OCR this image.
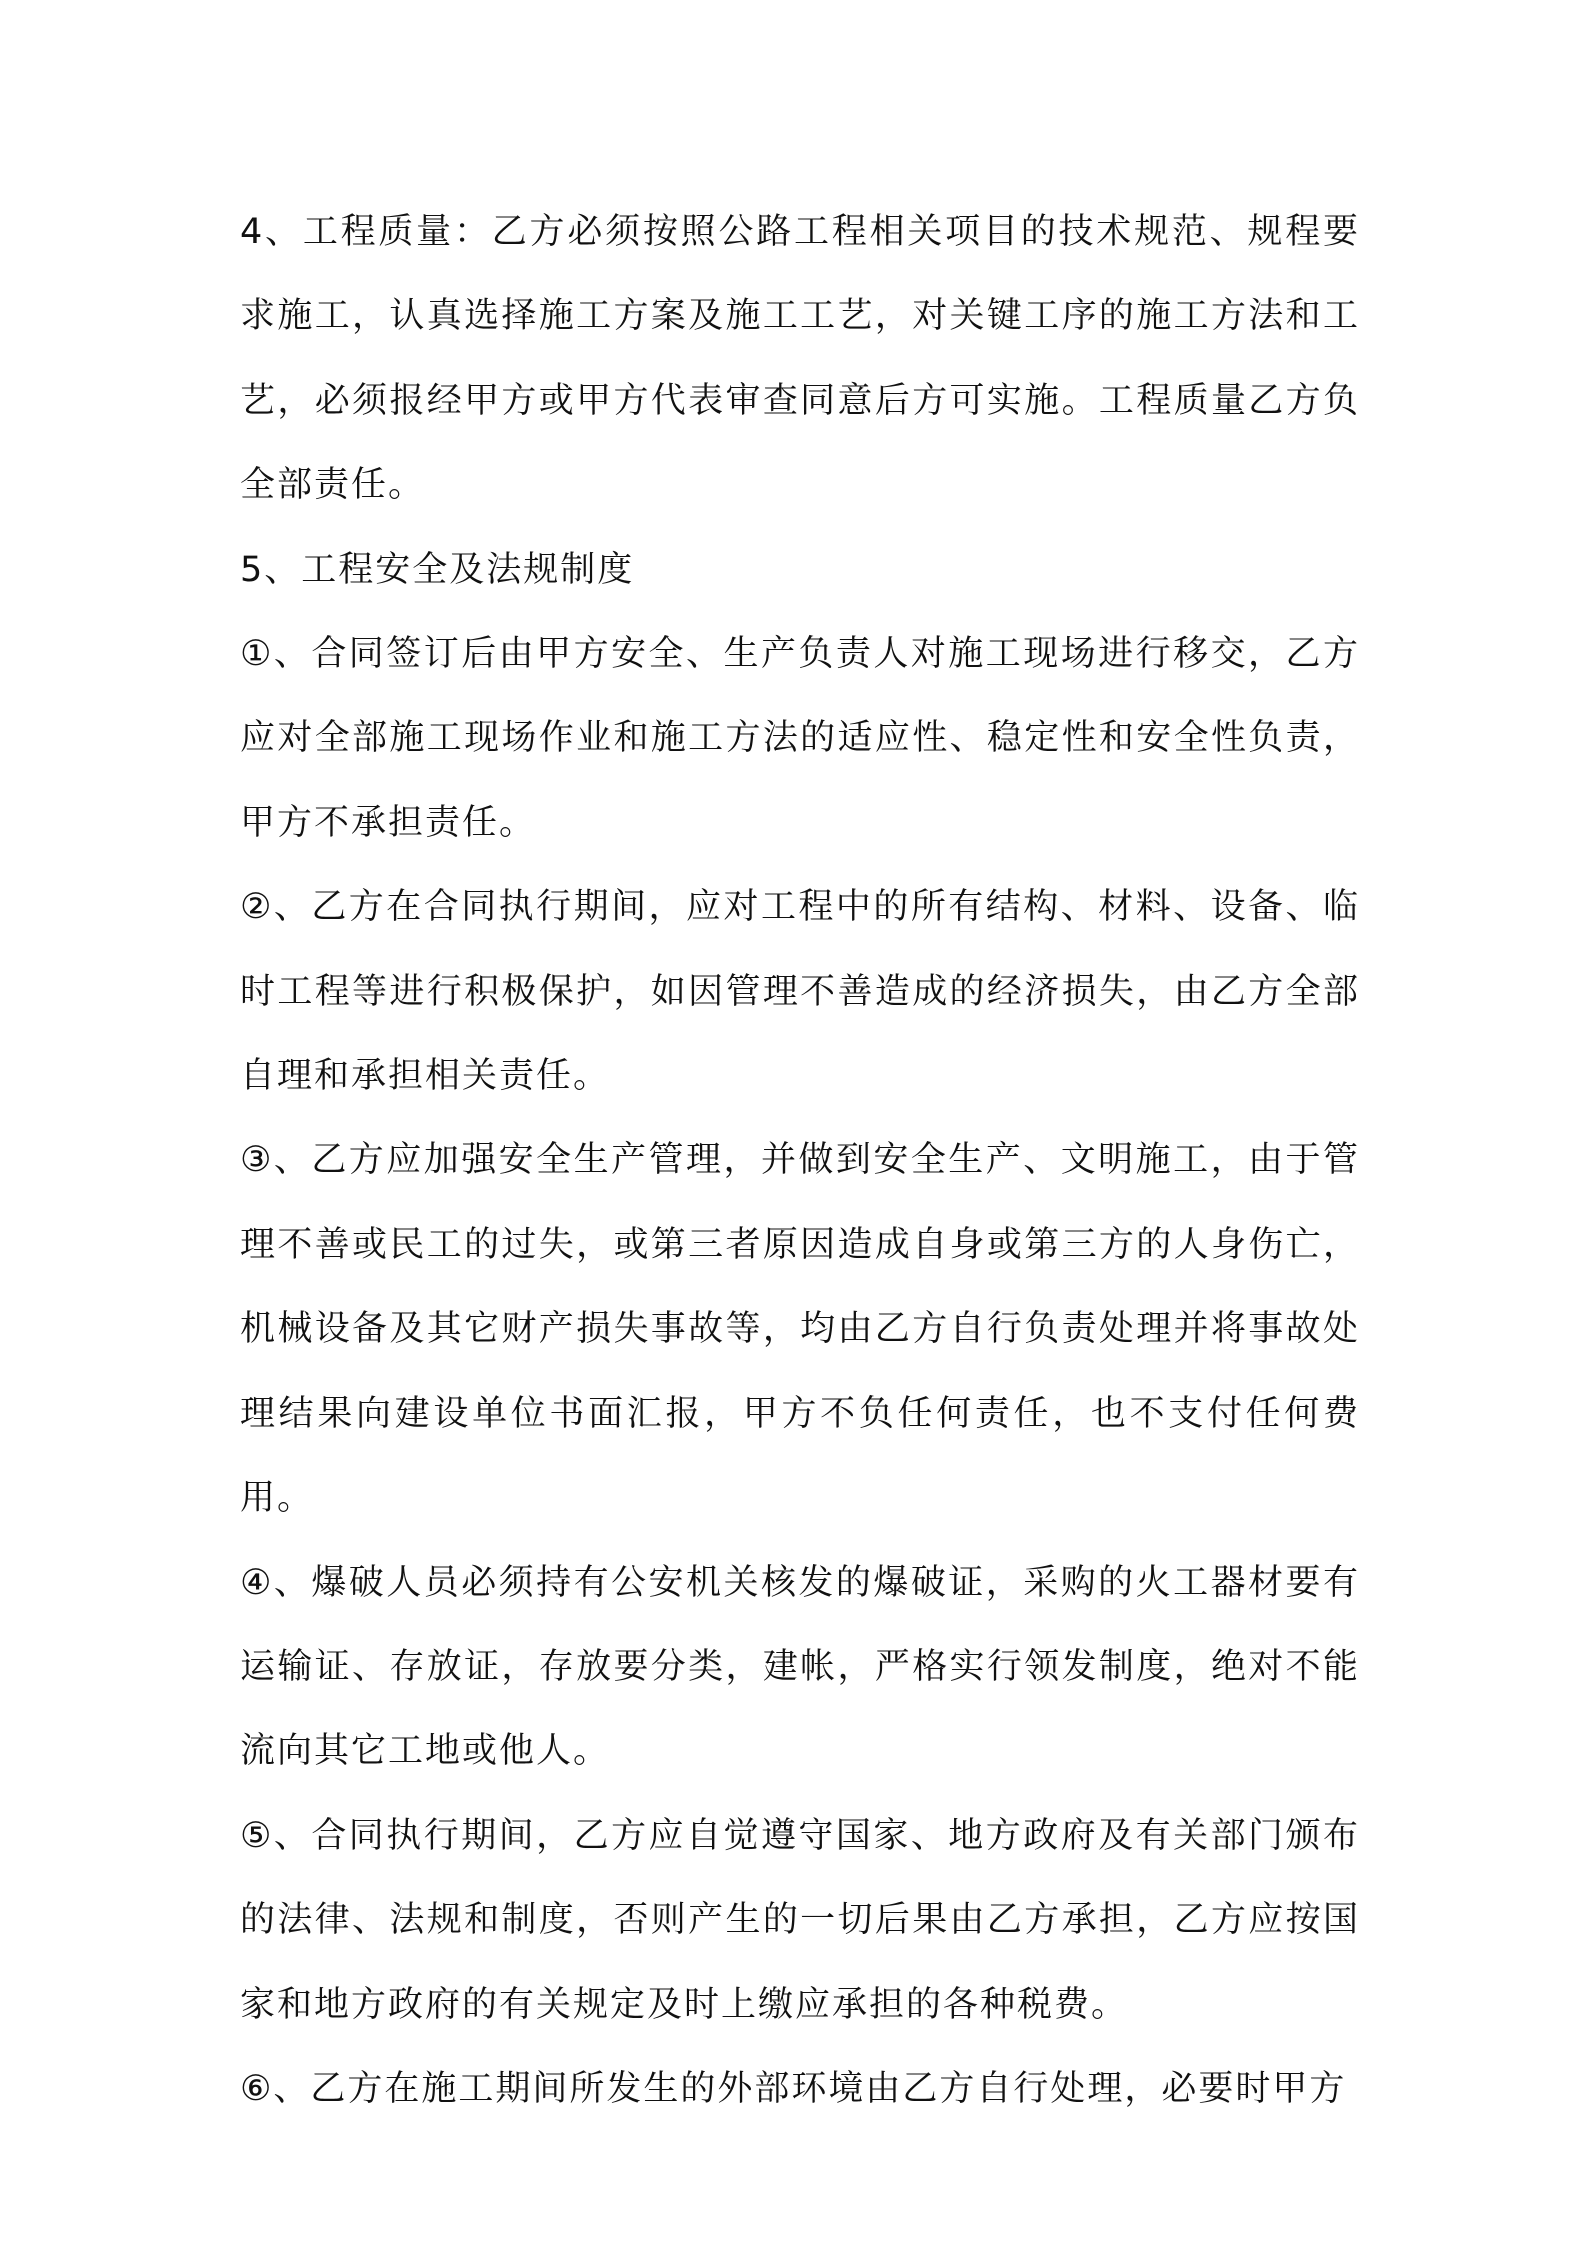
4、工程质量：乙方必须按照公路工程相关项目的技术规范、规程要求施工，认真选择施工方案及施工工艺，对关键工序的施工方法和工艺，必须报经甲方或甲方代表审查同意后方可实施。工程质量乙方负全部责任。

5、工程安全及法规制度

①、合同签订后由甲方安全、生产负责人对施工现场进行移交，乙方应对全部施工现场作业和施工方法的适应性、稳定性和安全性负责，甲方不承担责任。

②、乙方在合同执行期间，应对工程中的所有结构、材料、设备、临时工程等进行积极保护，如因管理不善造成的经济损失，由乙方全部自理和承担相关责任。

③、乙方应加强安全生产管理，并做到安全生产、文明施工，由于管理不善或民工的过失，或第三者原因造成自身或第三方的人身伤亡，机械设备及其它财产损失事故等，均由乙方自行负责处理并将事故处理结果向建设单位书面汇报，甲方不负任何责任，也不支付任何费用。

④、爆破人员必须持有公安机关核发的爆破证，采购的火工器材要有运输证、存放证，存放要分类，建帐，严格实行领发制度，绝对不能流向其它工地或他人。

⑤、合同执行期间，乙方应自觉遵守国家、地方政府及有关部门颁布的法律、法规和制度，否则产生的一切后果由乙方承担，乙方应按国家和地方政府的有关规定及时上缴应承担的各种税费。

⑥、乙方在施工期间所发生的外部环境由乙方自行处理，必要时甲方
